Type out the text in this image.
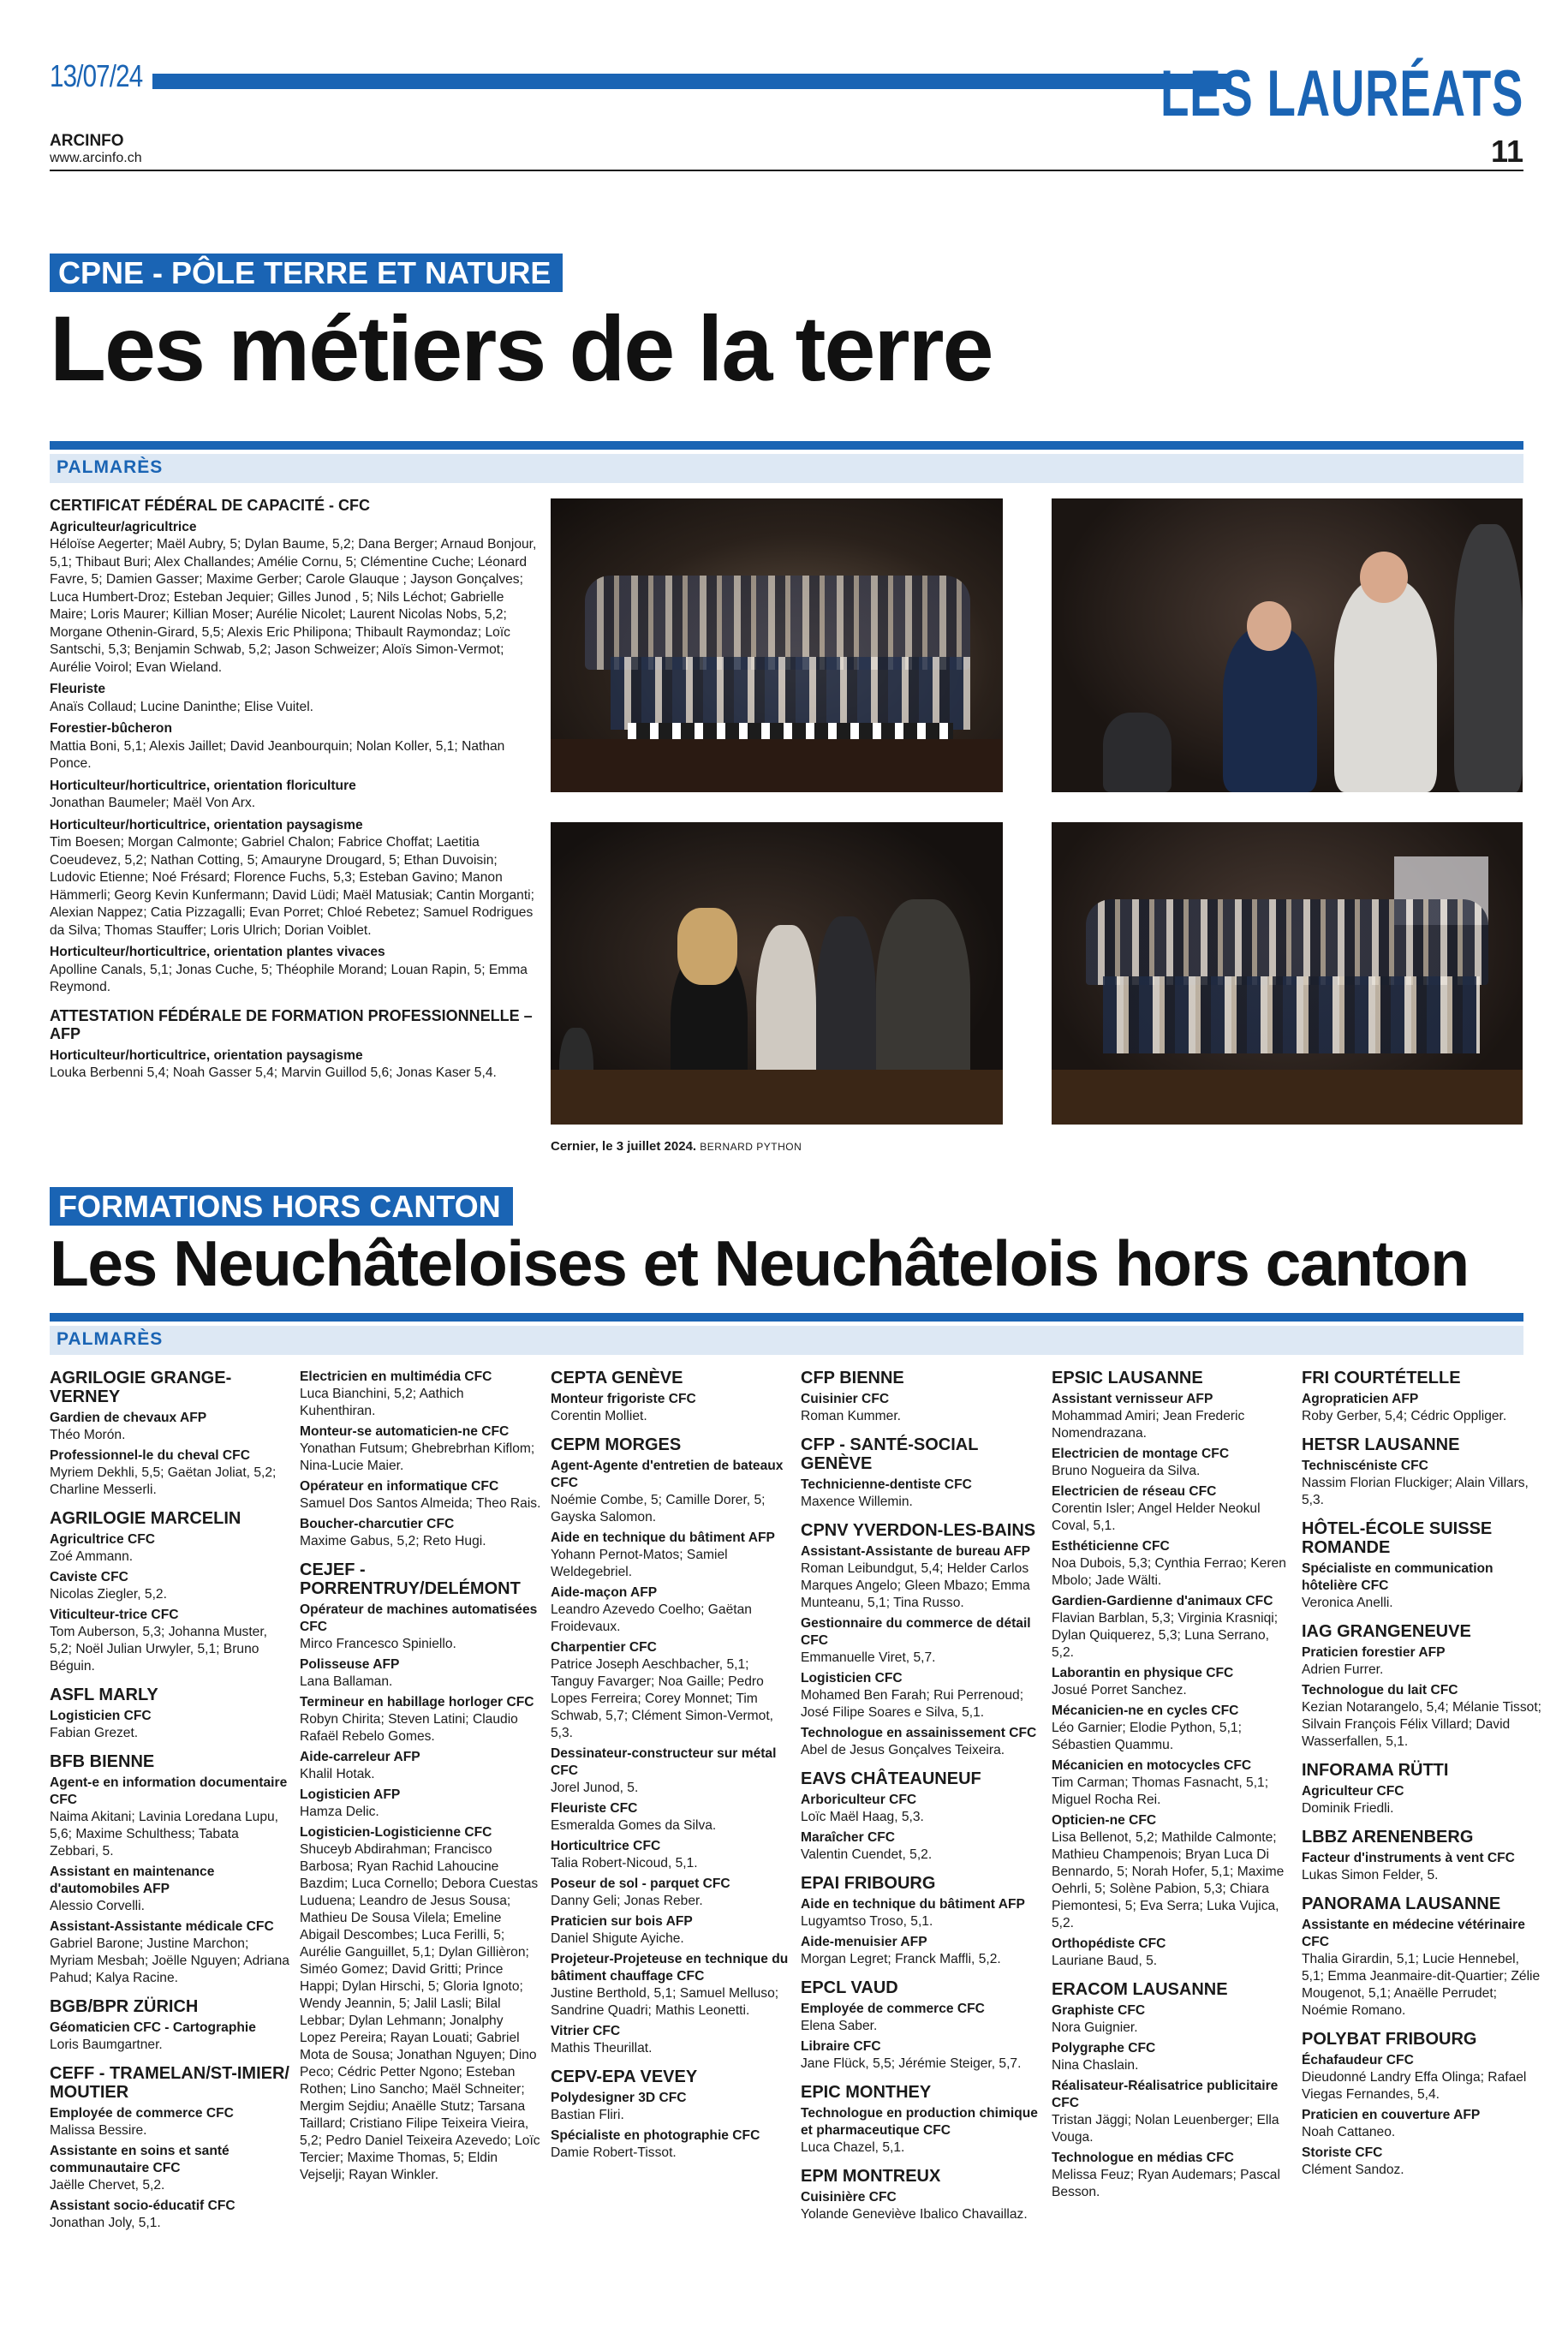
13/07/24	LES LAURÉATS
ARCINFO
www.arcinfo.ch	11
CPNE - PÔLE TERRE ET NATURE
Les métiers de la terre
PALMARÈS
CERTIFICAT FÉDÉRAL DE CAPACITÉ - CFC
Agriculteur/agricultrice
Héloïse Aegerter; Maël Aubry, 5; Dylan Baume, 5,2; Dana Berger; Arnaud Bonjour, 5,1; Thibaut Buri; Alex Challandes; Amélie Cornu, 5; Clémentine Cuche; Léonard Favre, 5; Damien Gasser; Maxime Gerber; Carole Glauque ; Jayson Gonçalves; Luca Humbert-Droz; Esteban Jequier; Gilles Junod , 5; Nils Léchot; Gabrielle Maire; Loris Maurer; Killian Moser; Aurélie Nicolet; Laurent Nicolas Nobs, 5,2; Morgane Othenin-Girard, 5,5; Alexis Eric Philipona; Thibault Raymondaz; Loïc Santschi, 5,3; Benjamin Schwab, 5,2; Jason Schweizer; Aloïs Simon-Vermot; Aurélie Voirol; Evan Wieland.
Fleuriste
Anaïs Collaud; Lucine Daninthe; Elise Vuitel.
Forestier-bûcheron
Mattia Boni, 5,1; Alexis Jaillet; David Jeanbourquin; Nolan Koller, 5,1; Nathan Ponce.
Horticulteur/horticultrice, orientation floriculture
Jonathan Baumeler; Maël Von Arx.
Horticulteur/horticultrice, orientation paysagisme
Tim Boesen; Morgan Calmonte; Gabriel Chalon; Fabrice Choffat; Laetitia Coeudevez, 5,2; Nathan Cotting, 5; Amauryne Drougard, 5; Ethan Duvoisin; Ludovic Etienne; Noé Frésard; Florence Fuchs, 5,3; Esteban Gavino; Manon Hämmerli; Georg Kevin Kunfermann; David Lüdi; Maël Matusiak; Cantin Morganti; Alexian Nappez; Catia Pizzagalli; Evan Porret; Chloé Rebetez; Samuel Rodrigues da Silva; Thomas Stauffer; Loris Ulrich; Dorian Voiblet.
Horticulteur/horticultrice, orientation plantes vivaces
Apolline Canals, 5,1; Jonas Cuche, 5; Théophile Morand; Louan Rapin, 5; Emma Reymond.
ATTESTATION FÉDÉRALE DE FORMATION PROFESSIONNELLE – AFP
Horticulteur/horticultrice, orientation paysagisme
Louka Berbenni 5,4; Noah Gasser 5,4; Marvin Guillod 5,6; Jonas Kaser 5,4.
Cernier, le 3 juillet 2024. BERNARD PYTHON
FORMATIONS HORS CANTON
Les Neuchâteloises et Neuchâtelois hors canton
PALMARÈS
AGRILOGIE GRANGE-VERNEY
Gardien de chevaux AFP
Théo Morón.
Professionnel-le du cheval CFC
Myriem Dekhli, 5,5; Gaëtan Joliat, 5,2; Charline Messerli.
AGRILOGIE MARCELIN
Agricultrice CFC
Zoé Ammann.
Caviste CFC
Nicolas Ziegler, 5,2.
Viticulteur-trice CFC
Tom Auberson, 5,3; Johanna Muster, 5,2; Noël Julian Urwyler, 5,1; Bruno Béguin.
ASFL MARLY
Logisticien CFC
Fabian Grezet.
BFB BIENNE
Agent-e en information documentaire CFC
Naima Akitani; Lavinia Loredana Lupu, 5,6; Maxime Schulthess; Tabata Zebbari, 5.
Assistant en maintenance d'automobiles AFP
Alessio Corvelli.
Assistant-Assistante médicale CFC
Gabriel Barone; Justine Marchon; Myriam Mesbah; Joëlle Nguyen; Adriana Pahud; Kalya Racine.
BGB/BPR ZÜRICH
Géomaticien CFC - Cartographie
Loris Baumgartner.
CEFF - TRAMELAN/ST-IMIER/ MOUTIER
Employée de commerce CFC
Malissa Bessire.
Assistante en soins et santé communautaire CFC
Jaëlle Chervet, 5,2.
Assistant socio-éducatif CFC
Jonathan Joly, 5,1.
Electricien en multimédia CFC
Luca Bianchini, 5,2; Aathich Kuhenthiran.
Monteur-se automaticien-ne CFC
Yonathan Futsum; Ghebrebrhan Kiflom; Nina-Lucie Maier.
Opérateur en informatique CFC
Samuel Dos Santos Almeida; Theo Rais.
Boucher-charcutier CFC
Maxime Gabus, 5,2; Reto Hugi.
CEJEF - PORRENTRUY/DELÉMONT
Opérateur de machines automatisées CFC
Mirco Francesco Spiniello.
Polisseuse AFP
Lana Ballaman.
Termineur en habillage horloger CFC
Robyn Chirita; Steven Latini; Claudio Rafaël Rebelo Gomes.
Aide-carreleur AFP
Khalil Hotak.
Logisticien AFP
Hamza Delic.
Logisticien-Logisticienne CFC
Shuceyb Abdirahman; Francisco Barbosa; Ryan Rachid Lahoucine Bazdim; Luca Cornello; Debora Cuestas Luduena; Leandro de Jesus Sousa; Mathieu De Sousa Vilela; Emeline Abigail Descombes; Luca Ferilli, 5; Aurélie Ganguillet, 5,1; Dylan Gillièron; Siméo Gomez; David Gritti; Prince Happi; Dylan Hirschi, 5; Gloria Ignoto; Wendy Jeannin, 5; Jalil Lasli; Bilal Lebbar; Dylan Lehmann; Jonalphy Lopez Pereira; Rayan Louati; Gabriel Mota de Sousa; Jonathan Nguyen; Dino Peco; Cédric Petter Ngono; Esteban Rothen; Lino Sancho; Maël Schneiter; Mergim Sejdiu; Anaëlle Stutz; Tarsana Taillard; Cristiano Filipe Teixeira Vieira, 5,2; Pedro Daniel Teixeira Azevedo; Loïc Tercier; Maxime Thomas, 5; Eldin Vejselji; Rayan Winkler.
CEPTA GENÈVE
Monteur frigoriste CFC
Corentin Molliet.
CEPM MORGES
Agent-Agente d'entretien de bateaux CFC
Noémie Combe, 5; Camille Dorer, 5; Gayska Salomon.
Aide en technique du bâtiment AFP
Yohann Pernot-Matos; Samiel Weldegebriel.
Aide-maçon AFP
Leandro Azevedo Coelho; Gaëtan Froidevaux.
Charpentier CFC
Patrice Joseph Aeschbacher, 5,1; Tanguy Favarger; Noa Gaille; Pedro Lopes Ferreira; Corey Monnet; Tim Schwab, 5,7; Clément Simon-Vermot, 5,3.
Dessinateur-constructeur sur métal CFC
Jorel Junod, 5.
Fleuriste CFC
Esmeralda Gomes da Silva.
Horticultrice CFC
Talia Robert-Nicoud, 5,1.
Poseur de sol - parquet CFC
Danny Geli; Jonas Reber.
Praticien sur bois AFP
Daniel Shigute Ayiche.
Projeteur-Projeteuse en technique du bâtiment chauffage CFC
Justine Berthold, 5,1; Samuel Melluso; Sandrine Quadri; Mathis Leonetti.
Vitrier CFC
Mathis Theurillat.
CEPV-EPA VEVEY
Polydesigner 3D CFC
Bastian Fliri.
Spécialiste en photographie CFC
Damie Robert-Tissot.
CFP BIENNE
Cuisinier CFC
Roman Kummer.
CFP - SANTÉ-SOCIAL GENÈVE
Technicienne-dentiste CFC
Maxence Willemin.
CPNV YVERDON-LES-BAINS
Assistant-Assistante de bureau AFP
Roman Leibundgut, 5,4; Helder Carlos Marques Angelo; Gleen Mbazo; Emma Munteanu, 5,1; Tina Russo.
Gestionnaire du commerce de détail CFC
Emmanuelle Viret, 5,7.
Logisticien CFC
Mohamed Ben Farah; Rui Perrenoud; José Filipe Soares e Silva, 5,1.
Technologue en assainissement CFC
Abel de Jesus Gonçalves Teixeira.
EAVS CHÂTEAUNEUF
Arboriculteur CFC
Loïc Maël Haag, 5,3.
Maraîcher CFC
Valentin Cuendet, 5,2.
EPAI FRIBOURG
Aide en technique du bâtiment AFP
Lugyamtso Troso, 5,1.
Aide-menuisier AFP
Morgan Legret; Franck Maffli, 5,2.
EPCL VAUD
Employée de commerce CFC
Elena Saber.
Libraire CFC
Jane Flück, 5,5; Jérémie Steiger, 5,7.
EPIC MONTHEY
Technologue en production chimique et pharmaceutique CFC
Luca Chazel, 5,1.
EPM MONTREUX
Cuisinière CFC
Yolande Geneviève Ibalico Chavaillaz.
EPSIC LAUSANNE
Assistant vernisseur AFP
Mohammad Amiri; Jean Frederic Nomendrazana.
Electricien de montage CFC
Bruno Nogueira da Silva.
Electricien de réseau CFC
Corentin Isler; Angel Helder Neokul Coval, 5,1.
Esthéticienne CFC
Noa Dubois, 5,3; Cynthia Ferrao; Keren Mbolo; Jade Wälti.
Gardien-Gardienne d'animaux CFC
Flavian Barblan, 5,3; Virginia Krasniqi; Dylan Quiquerez, 5,3; Luna Serrano, 5,2.
Laborantin en physique CFC
Josué Porret Sanchez.
Mécanicien-ne en cycles CFC
Léo Garnier; Elodie Python, 5,1; Sébastien Quammu.
Mécanicien en motocycles CFC
Tim Carman; Thomas Fasnacht, 5,1; Miguel Rocha Rei.
Opticien-ne CFC
Lisa Bellenot, 5,2; Mathilde Calmonte; Mathieu Champenois; Bryan Luca Di Bennardo, 5; Norah Hofer, 5,1; Maxime Oehrli, 5; Solène Pabion, 5,3; Chiara Piemontesi, 5; Eva Serra; Luka Vujica, 5,2.
Orthopédiste CFC
Lauriane Baud, 5.
ERACOM LAUSANNE
Graphiste CFC
Nora Guignier.
Polygraphe CFC
Nina Chaslain.
Réalisateur-Réalisatrice publicitaire CFC
Tristan Jäggi; Nolan Leuenberger; Ella Vouga.
Technologue en médias CFC
Melissa Feuz; Ryan Audemars; Pascal Besson.
FRI COURTÉTELLE
Agropraticien AFP
Roby Gerber, 5,4; Cédric Oppliger.
HETSR LAUSANNE
Techniscéniste CFC
Nassim Florian Fluckiger; Alain Villars, 5,3.
HÔTEL-ÉCOLE SUISSE ROMANDE
Spécialiste en communication hôtelière CFC
Veronica Anelli.
IAG GRANGENEUVE
Praticien forestier AFP
Adrien Furrer.
Technologue du lait CFC
Kezian Notarangelo, 5,4; Mélanie Tissot; Silvain François Félix Villard; David Wasserfallen, 5,1.
INFORAMA RÜTTI
Agriculteur CFC
Dominik Friedli.
LBBZ ARENENBERG
Facteur d'instruments à vent CFC
Lukas Simon Felder, 5.
PANORAMA LAUSANNE
Assistante en médecine vétérinaire CFC
Thalia Girardin, 5,1; Lucie Hennebel, 5,1; Emma Jeanmaire-dit-Quartier; Zélie Mougenot, 5,1; Anaëlle Perrudet; Noémie Romano.
POLYBAT FRIBOURG
Échafaudeur CFC
Dieudonné Landry Effa Olinga; Rafael Viegas Fernandes, 5,4.
Praticien en couverture AFP
Noah Cattaneo.
Storiste CFC
Clément Sandoz.
